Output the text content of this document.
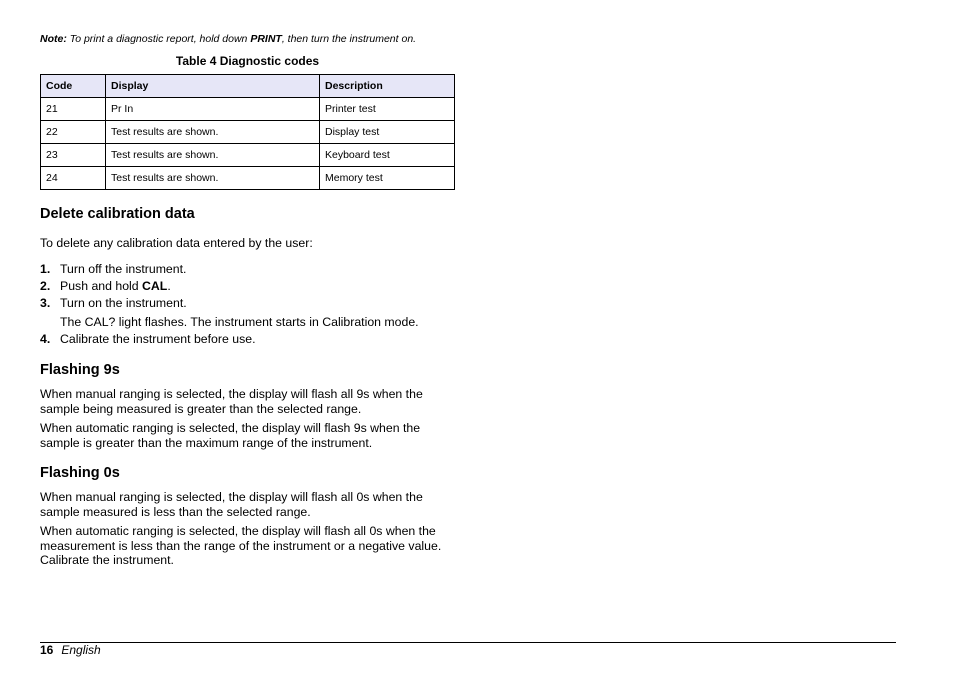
Note: To print a diagnostic report, hold down PRINT, then turn the instrument on.
Table 4 Diagnostic codes
Code	Display	Description
21	Pr In	Printer test
22	Test results are shown.	Display test
23	Test results are shown.	Keyboard test
24	Test results are shown.	Memory test
Delete calibration data

To delete any calibration data entered by the user:

1. Turn off the instrument.
2. Push and hold CAL.
3. Turn on the instrument.
The CAL? light flashes. The instrument starts in Calibration mode.
4. Calibrate the instrument before use.
Flashing 9s

When manual ranging is selected, the display will flash all 9s when the sample being measured is greater than the selected range.

When automatic ranging is selected, the display will flash 9s when the sample is greater than the maximum range of the instrument.

Flashing 0s

When manual ranging is selected, the display will flash all 0s when the sample measured is less than the selected range.

When automatic ranging is selected, the display will flash all 0s when the measurement is less than the range of the instrument or a negative value. Calibrate the instrument.

16 English
